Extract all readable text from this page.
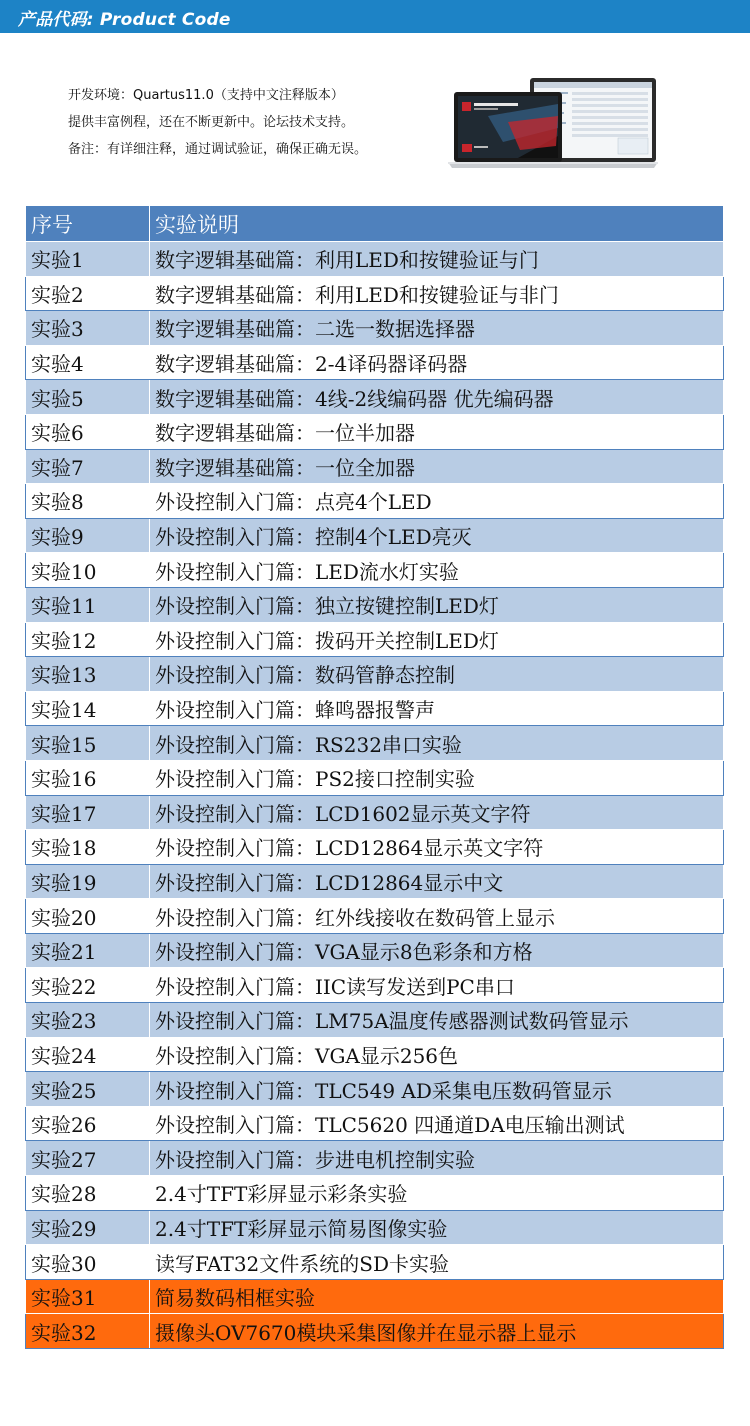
产品代码: Product Code
开发环境：Quartus11.0（支持中文注释版本）
提供丰富例程，还在不断更新中。论坛技术支持。
备注：有详细注释，通过调试验证，确保正确无误。
序号	实验说明
实验1	数字逻辑基础篇：利用LED和按键验证与门
实验2	数字逻辑基础篇：利用LED和按键验证与非门
实验3	数字逻辑基础篇：二选一数据选择器
实验4	数字逻辑基础篇：2-4译码器译码器
实验5	数字逻辑基础篇：4线-2线编码器 优先编码器
实验6	数字逻辑基础篇：一位半加器
实验7	数字逻辑基础篇：一位全加器
实验8	外设控制入门篇：点亮4个LED
实验9	外设控制入门篇：控制4个LED亮灭
实验10	外设控制入门篇：LED流水灯实验
实验11	外设控制入门篇：独立按键控制LED灯
实验12	外设控制入门篇：拨码开关控制LED灯
实验13	外设控制入门篇：数码管静态控制
实验14	外设控制入门篇：蜂鸣器报警声
实验15	外设控制入门篇：RS232串口实验
实验16	外设控制入门篇：PS2接口控制实验
实验17	外设控制入门篇：LCD1602显示英文字符
实验18	外设控制入门篇：LCD12864显示英文字符
实验19	外设控制入门篇：LCD12864显示中文
实验20	外设控制入门篇：红外线接收在数码管上显示
实验21	外设控制入门篇：VGA显示8色彩条和方格
实验22	外设控制入门篇：IIC读写发送到PC串口
实验23	外设控制入门篇：LM75A温度传感器测试数码管显示
实验24	外设控制入门篇：VGA显示256色
实验25	外设控制入门篇：TLC549 AD采集电压数码管显示
实验26	外设控制入门篇：TLC5620 四通道DA电压输出测试
实验27	外设控制入门篇：步进电机控制实验
实验28	2.4寸TFT彩屏显示彩条实验
实验29	2.4寸TFT彩屏显示简易图像实验
实验30	读写FAT32文件系统的SD卡实验
实验31	简易数码相框实验
实验32	摄像头OV7670模块采集图像并在显示器上显示
